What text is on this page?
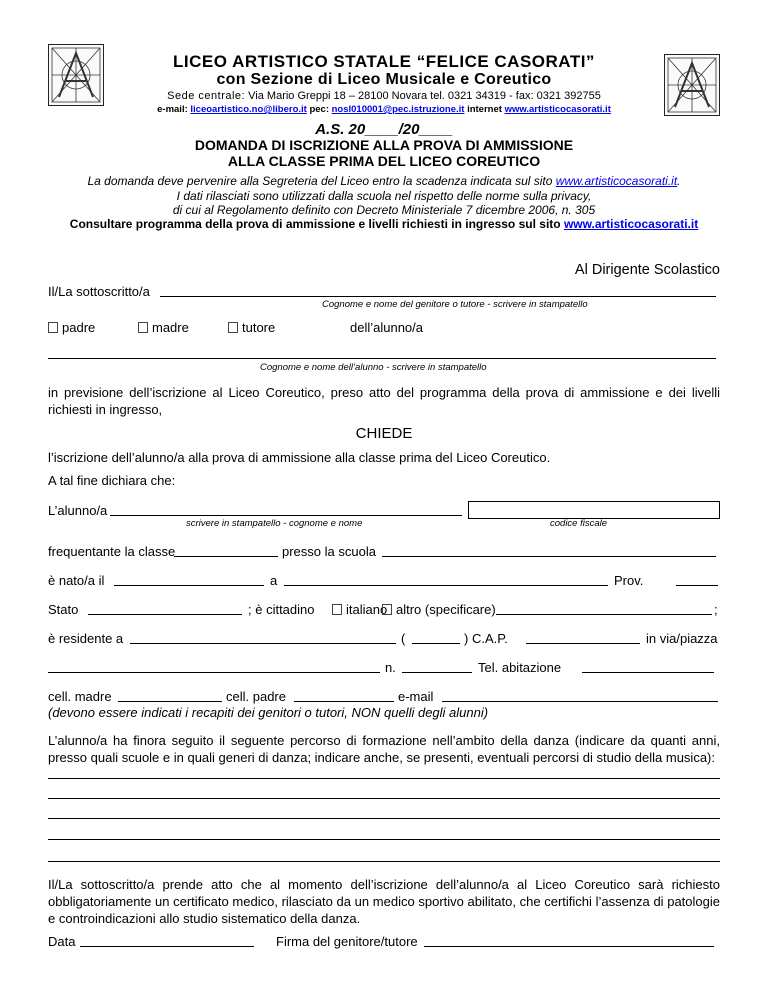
LICEO ARTISTICO STATALE “FELICE CASORATI”
con Sezione di Liceo Musicale e Coreutico
Sede centrale: Via Mario Greppi 18 – 28100 Novara tel. 0321 34319 - fax: 0321 392755
e-mail: liceoartistico.no@libero.it pec: nosl010001@pec.istruzione.it internet www.artisticocasorati.it
A.S. 20____/20____
DOMANDA DI ISCRIZIONE ALLA PROVA DI AMMISSIONE
ALLA CLASSE PRIMA DEL LICEO COREUTICO
La domanda deve pervenire alla Segreteria del Liceo entro la scadenza indicata sul sito www.artisticocasorati.it.
I dati rilasciati sono utilizzati dalla scuola nel rispetto delle norme sulla privacy,
di cui al Regolamento definito con Decreto Ministeriale 7 dicembre 2006, n. 305
Consultare programma della prova di ammissione e livelli richiesti in ingresso sul sito www.artisticocasorati.it
Al Dirigente Scolastico
Il/La sottoscritto/a
Cognome e nome del genitore o tutore - scrivere in stampatello
padre	madre	tutore	dell’alunno/a
Cognome e nome dell’alunno - scrivere in stampatello
in previsione dell’iscrizione al Liceo Coreutico, preso atto del programma della prova di ammissione e dei livelli richiesti in ingresso,
CHIEDE
l’iscrizione dell’alunno/a alla prova di ammissione alla classe prima del Liceo Coreutico.
A tal fine dichiara che:
L’alunno/a
scrivere in stampatello - cognome e nome	codice fiscale
frequentante la classe	presso la scuola
è nato/a il	a	Prov.
Stato	; è cittadino	italiano altro (specificare)	;
è residente a	(	) C.A.P.	in via/piazza
n.	Tel. abitazione
cell. madre	cell. padre	e-mail
(devono essere indicati i recapiti dei genitori o tutori, NON quelli degli alunni)
L’alunno/a ha finora seguito il seguente percorso di formazione nell’ambito della danza (indicare da quanti anni, presso quali scuole e in quali generi di danza; indicare anche, se presenti, eventuali percorsi di studio della musica):
Il/La sottoscritto/a prende atto che al momento dell’iscrizione dell’alunno/a al Liceo Coreutico sarà richiesto obbligatoriamente un certificato medico, rilasciato da un medico sportivo abilitato, che certifichi l’assenza di patologie e controindicazioni allo studio sistematico della danza.
Data	Firma del genitore/tutore
